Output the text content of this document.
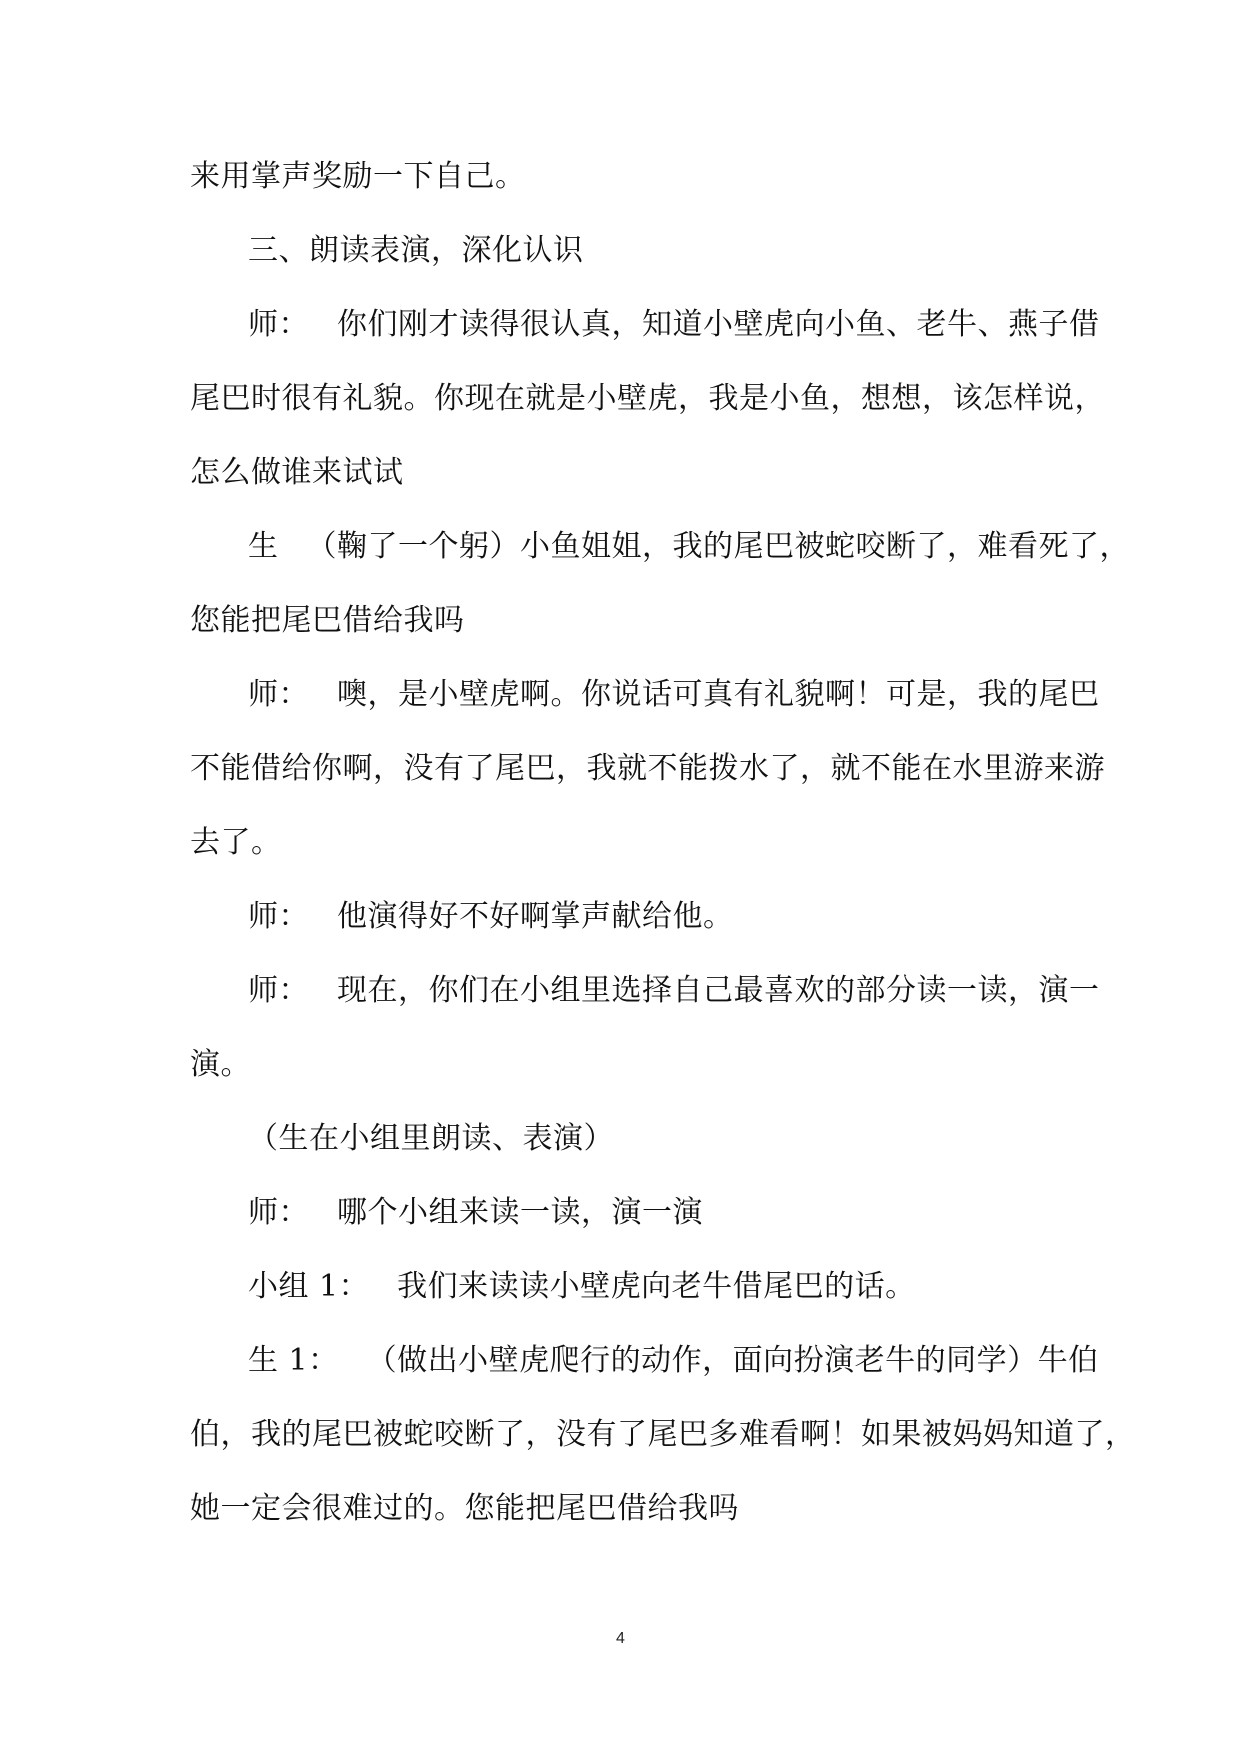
来用掌声奖励一下自己。
三、朗读表演，深化认识
师： 你们刚才读得很认真，知道小壁虎向小鱼、老牛、燕子借
尾巴时很有礼貌。你现在就是小壁虎，我是小鱼，想想，该怎样说，
怎么做谁来试试
生 （鞠了一个躬）小鱼姐姐，我的尾巴被蛇咬断了，难看死了，
您能把尾巴借给我吗
师： 噢，是小壁虎啊。你说话可真有礼貌啊！可是，我的尾巴
不能借给你啊，没有了尾巴，我就不能拨水了，就不能在水里游来游
去了。
师： 他演得好不好啊掌声献给他。
师： 现在，你们在小组里选择自己最喜欢的部分读一读，演一
演。
（生在小组里朗读、表演）
师： 哪个小组来读一读，演一演
小组 1： 我们来读读小壁虎向老牛借尾巴的话。
生 1： （做出小壁虎爬行的动作，面向扮演老牛的同学）牛伯
伯，我的尾巴被蛇咬断了，没有了尾巴多难看啊！如果被妈妈知道了，
她一定会很难过的。您能把尾巴借给我吗
4
